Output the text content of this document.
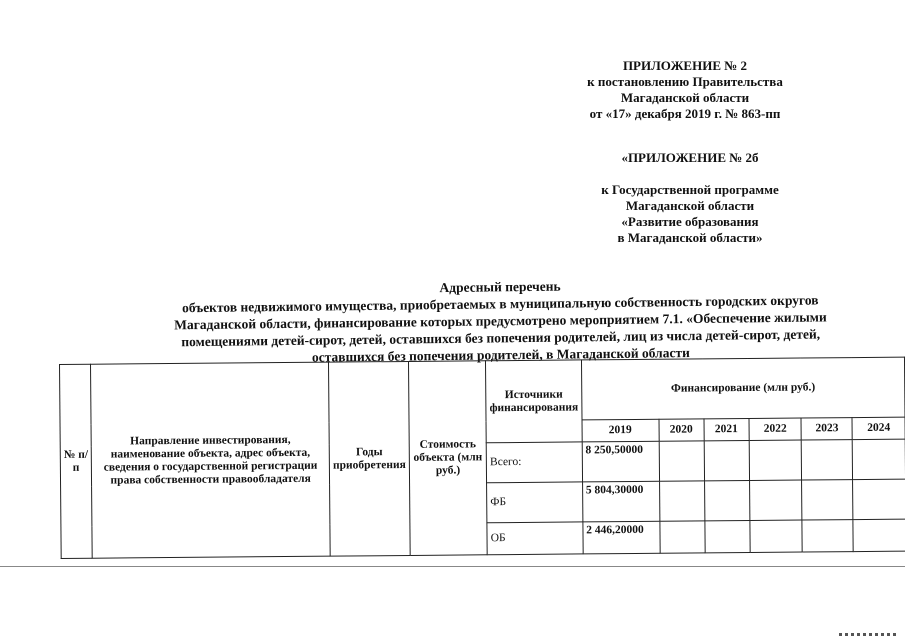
ПРИЛОЖЕНИЕ № 2
к постановлению Правительства
Магаданской области
от «17» декабря 2019 г. № 863-пп
«ПРИЛОЖЕНИЕ № 2б
к Государственной программе
Магаданской области
«Развитие образования
в Магаданской области»
Адресный перечень
объектов недвижимого имущества, приобретаемых в муниципальную собственность городских округов
Магаданской области, финансирование которых предусмотрено мероприятием 7.1. «Обеспечение жилыми
помещениями детей-сирот, детей, оставшихся без попечения родителей, лиц из числа детей-сирот, детей,
оставшихся без попечения родителей, в Магаданской области
№ п/п	Направление инвестирования, наименование объекта, адрес объекта, сведения о государственной регистрации права собственности правообладателя	Годы приобретения	Стоимость объекта (млн руб.)	Источники финансирования	Финансирование (млн руб.)					
					2019	2020	2021	2022	2023	2024
				Всего:	8 250,50000					
				ФБ	5 804,30000					
				ОБ	2 446,20000					
